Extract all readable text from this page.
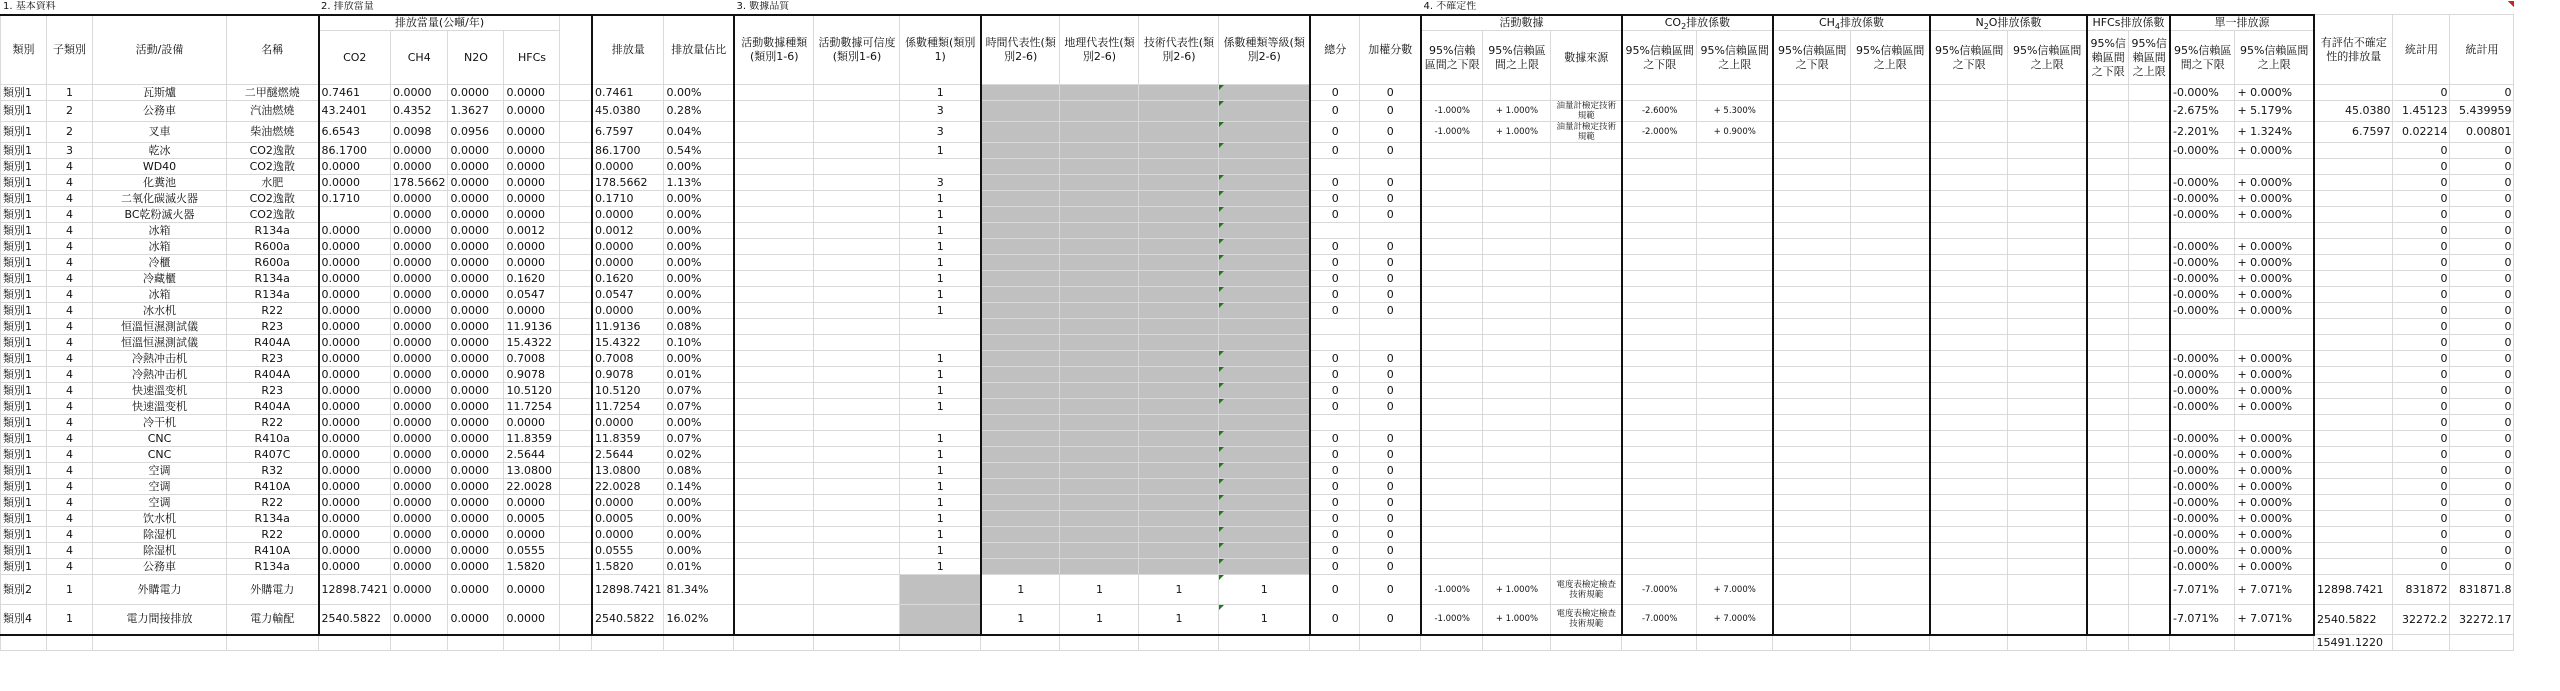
1. 基本資料				2. 排放當量							3. 數據品質									4. 不確定性															
類別	子類別	活動/設備	名稱	排放當量(公噸/年)					排放量	排放量佔比	活動數據種類(類別1-6)	活動數據可信度(類別1-6)	係數種類(類別1)	時間代表性(類別2-6)	地理代表性(類別2-6)	技術代表性(類別2-6)	係數種類等級(類別2-6)	總分	加權分數	活動數據			$CO_2$排放係數		$CH_4$排放係數		$N_2O$排放係數		HFCs排放係數		單一排放源		有評估不確定性的排放量	統計用	統計用
				CO2	CH4	N2O	HFCs													95%信賴區間之下限	95%信賴區間之上限	數據來源	95%信賴區間之下限	95%信賴區間之上限	95%信賴區間之下限	95%信賴區間之上限	95%信賴區間之下限	95%信賴區間之上限	95%信賴區間之下限	95%信賴區間之上限	95%信賴區間之下限	95%信賴區間之上限			
類別1	1	瓦斯爐	二甲醚燃燒	0.7461	0.0000	0.0000	0.0000		0.7461	0.00%			1					0	0												-0.000%	+ 0.000%		0	0
類別1	2	公務車	汽油燃燒	43.2401	0.4352	1.3627	0.0000		45.0380	0.28%			3					0	0	-1.000%	+ 1.000%	油量計檢定技術規範	-2.600%	+ 5.300%							-2.675%	+ 5.179%	45.0380	1.45123	5.439959
類別1	2	叉車	柴油燃燒	6.6543	0.0098	0.0956	0.0000		6.7597	0.04%			3					0	0	-1.000%	+ 1.000%	油量計檢定技術規範	-2.000%	+ 0.900%							-2.201%	+ 1.324%	6.7597	0.02214	0.00801
類別1	3	乾冰	CO2逸散	86.1700	0.0000	0.0000	0.0000		86.1700	0.54%			1					0	0												-0.000%	+ 0.000%		0	0
類別1	4	WD40	CO2逸散	0.0000	0.0000	0.0000	0.0000		0.0000	0.00%																								0	0
類別1	4	化糞池	水肥	0.0000	178.5662	0.0000	0.0000		178.5662	1.13%			3					0	0												-0.000%	+ 0.000%		0	0
類別1	4	二氧化碳滅火器	CO2逸散	0.1710	0.0000	0.0000	0.0000		0.1710	0.00%			1					0	0												-0.000%	+ 0.000%		0	0
類別1	4	BC乾粉滅火器	CO2逸散		0.0000	0.0000	0.0000		0.0000	0.00%			1					0	0												-0.000%	+ 0.000%		0	0
類別1	4	冰箱	R134a	0.0000	0.0000	0.0000	0.0012		0.0012	0.00%			1																					0	0
類別1	4	冰箱	R600a	0.0000	0.0000	0.0000	0.0000		0.0000	0.00%			1					0	0												-0.000%	+ 0.000%		0	0
類別1	4	冷櫃	R600a	0.0000	0.0000	0.0000	0.0000		0.0000	0.00%			1					0	0												-0.000%	+ 0.000%		0	0
類別1	4	冷藏櫃	R134a	0.0000	0.0000	0.0000	0.1620		0.1620	0.00%			1					0	0												-0.000%	+ 0.000%		0	0
類別1	4	冰箱	R134a	0.0000	0.0000	0.0000	0.0547		0.0547	0.00%			1					0	0												-0.000%	+ 0.000%		0	0
類別1	4	冰水机	R22	0.0000	0.0000	0.0000	0.0000		0.0000	0.00%			1					0	0												-0.000%	+ 0.000%		0	0
類別1	4	恒溫恒濕測試儀	R23	0.0000	0.0000	0.0000	11.9136		11.9136	0.08%																								0	0
類別1	4	恒溫恒濕測試儀	R404A	0.0000	0.0000	0.0000	15.4322		15.4322	0.10%																								0	0
類別1	4	冷熱冲击机	R23	0.0000	0.0000	0.0000	0.7008		0.7008	0.00%			1					0	0												-0.000%	+ 0.000%		0	0
類別1	4	冷熱冲击机	R404A	0.0000	0.0000	0.0000	0.9078		0.9078	0.01%			1					0	0												-0.000%	+ 0.000%		0	0
類別1	4	快速溫变机	R23	0.0000	0.0000	0.0000	10.5120		10.5120	0.07%			1					0	0												-0.000%	+ 0.000%		0	0
類別1	4	快速溫变机	R404A	0.0000	0.0000	0.0000	11.7254		11.7254	0.07%			1					0	0												-0.000%	+ 0.000%		0	0
類別1	4	冷干机	R22	0.0000	0.0000	0.0000	0.0000		0.0000	0.00%																								0	0
類別1	4	CNC	R410a	0.0000	0.0000	0.0000	11.8359		11.8359	0.07%			1					0	0												-0.000%	+ 0.000%		0	0
類別1	4	CNC	R407C	0.0000	0.0000	0.0000	2.5644		2.5644	0.02%			1					0	0												-0.000%	+ 0.000%		0	0
類別1	4	空调	R32	0.0000	0.0000	0.0000	13.0800		13.0800	0.08%			1					0	0												-0.000%	+ 0.000%		0	0
類別1	4	空调	R410A	0.0000	0.0000	0.0000	22.0028		22.0028	0.14%			1					0	0												-0.000%	+ 0.000%		0	0
類別1	4	空调	R22	0.0000	0.0000	0.0000	0.0000		0.0000	0.00%			1					0	0												-0.000%	+ 0.000%		0	0
類別1	4	饮水机	R134a	0.0000	0.0000	0.0000	0.0005		0.0005	0.00%			1					0	0												-0.000%	+ 0.000%		0	0
類別1	4	除湿机	R22	0.0000	0.0000	0.0000	0.0000		0.0000	0.00%			1					0	0												-0.000%	+ 0.000%		0	0
類別1	4	除湿机	R410A	0.0000	0.0000	0.0000	0.0555		0.0555	0.00%			1					0	0												-0.000%	+ 0.000%		0	0
類別1	4	公務車	R134a	0.0000	0.0000	0.0000	1.5820		1.5820	0.01%			1					0	0												-0.000%	+ 0.000%		0	0
類別2	1	外購電力	外購電力	12898.7421	0.0000	0.0000	0.0000		12898.7421	81.34%				1	1	1	1	0	0	-1.000%	+ 1.000%	電度表檢定檢查技術規範	-7.000%	+ 7.000%							-7.071%	+ 7.071%	12898.7421	831872	831871.8
類別4	1	電力間接排放	電力輸配	2540.5822	0.0000	0.0000	0.0000		2540.5822	16.02%				1	1	1	1	0	0	-1.000%	+ 1.000%	電度表檢定檢查技術規範	-7.000%	+ 7.000%							-7.071%	+ 7.071%	2540.5822	32272.2	32272.17
																																	15491.1220		
